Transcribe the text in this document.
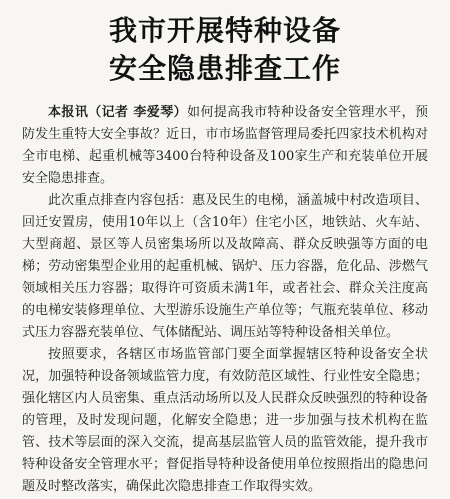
我市开展特种设备
安全隐患排查工作

本报讯（记者 李爱琴）如何提高我市特种设备安全管理水平，预防发生重特大安全事故？近日，市市场监督管理局委托四家技术机构对全市电梯、起重机械等3400台特种设备及100家生产和充装单位开展安全隐患排查。

此次重点排查内容包括：惠及民生的电梯，涵盖城中村改造项目、回迁安置房，使用10年以上（含10年）住宅小区，地铁站、火车站、大型商超、景区等人员密集场所以及故障高、群众反映强等方面的电梯；劳动密集型企业用的起重机械、锅炉、压力容器，危化品、涉燃气领域相关压力容器；取得许可资质未满1年，或者社会、群众关注度高的电梯安装修理单位、大型游乐设施生产单位等；气瓶充装单位、移动式压力容器充装单位、气体储配站、调压站等特种设备相关单位。

按照要求，各辖区市场监管部门要全面掌握辖区特种设备安全状况，加强特种设备领域监管力度，有效防范区域性、行业性安全隐患；强化辖区内人员密集、重点活动场所以及人民群众反映强烈的特种设备的管理，及时发现问题，化解安全隐患；进一步加强与技术机构在监管、技术等层面的深入交流，提高基层监管人员的监管效能，提升我市特种设备安全管理水平；督促指导特种设备使用单位按照指出的隐患问题及时整改落实，确保此次隐患排查工作取得实效。
